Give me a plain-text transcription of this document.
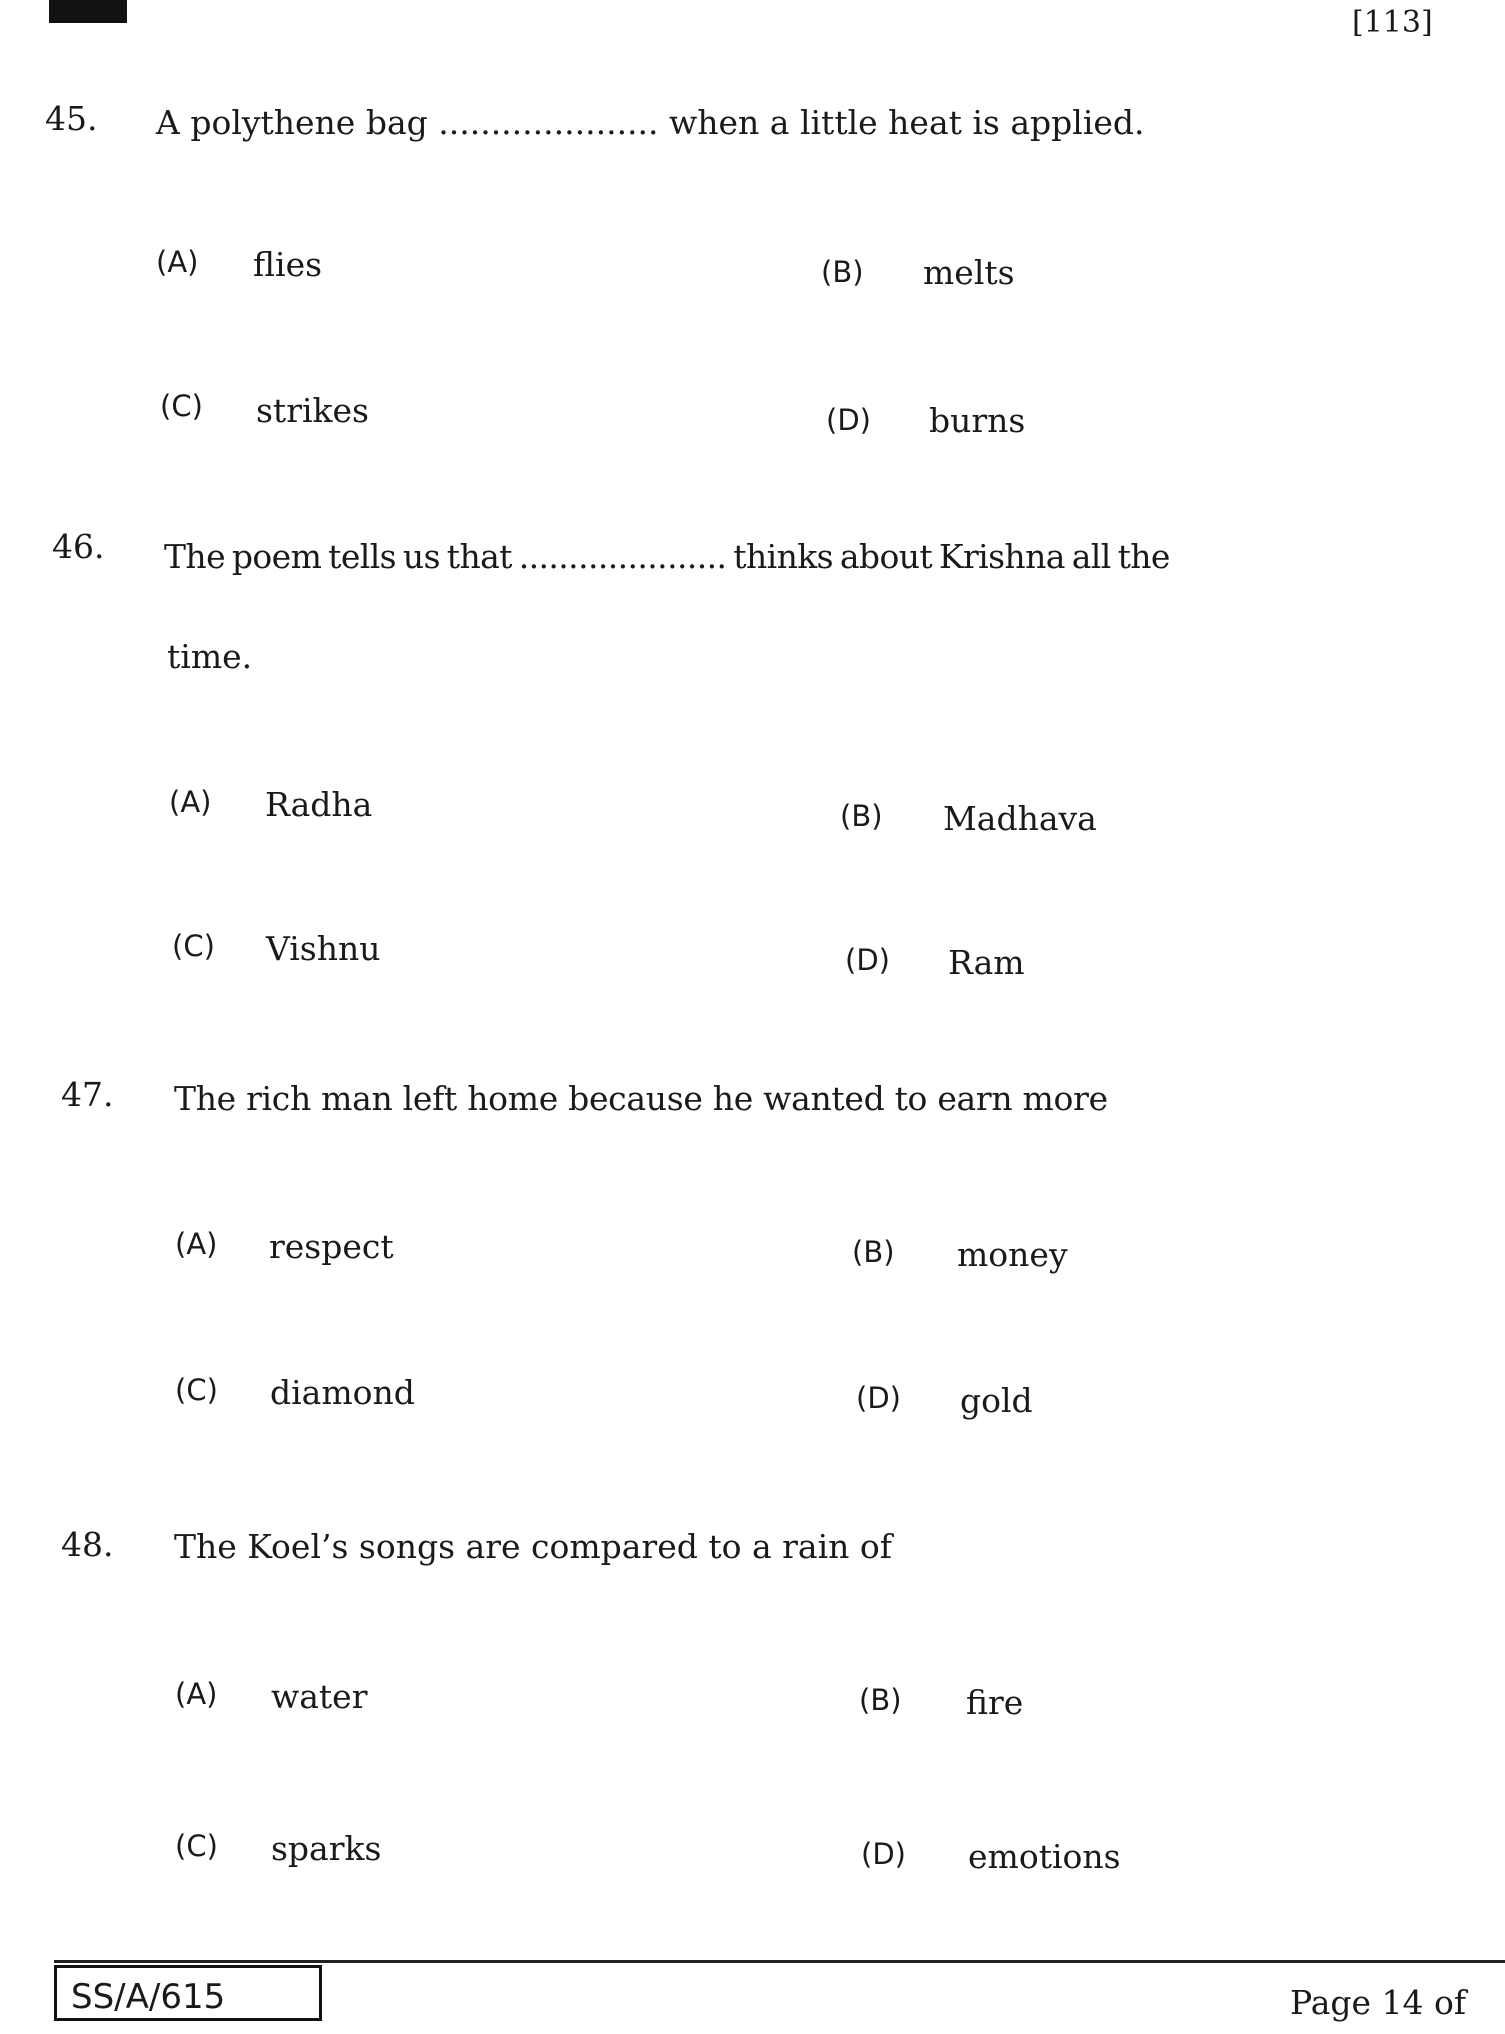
[113]
45. A polythene bag ..................... when a little heat is applied.
(A) flies	(B) melts
(C) strikes	(D) burns
46. The poem tells us that ..................... thinks about Krishna all the
time.
(A) Radha	(B) Madhava
(C) Vishnu	(D) Ram
47. The rich man left home because he wanted to earn more
(A) respect	(B) money
(C) diamond	(D) gold
48. The Koel’s songs are compared to a rain of
(A) water	(B) fire
(C) sparks	(D) emotions
SS/A/615	Page 14 of
